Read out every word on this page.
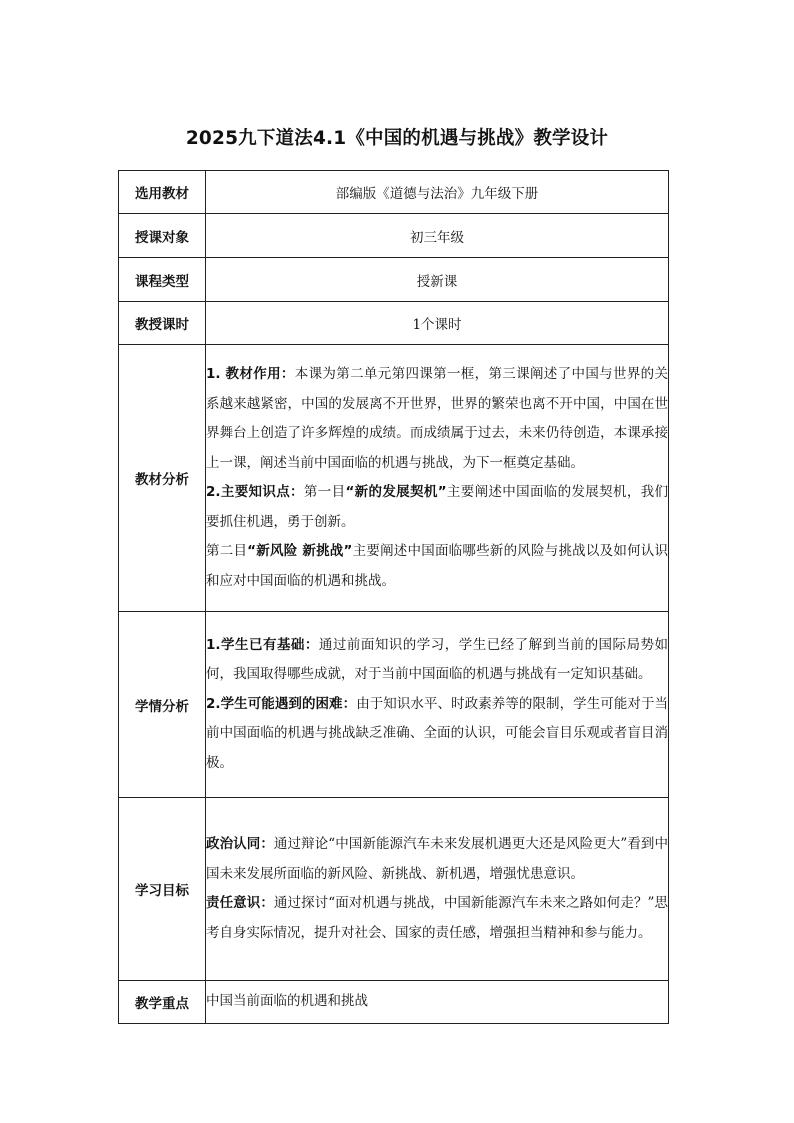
2025九下道法4.1《中国的机遇与挑战》教学设计
选用教材	部编版《道德与法治》九年级下册
授课对象	初三年级
课程类型	授新课
教授课时	1个课时
教材分析	1. 教材作用：本课为第二单元第四课第一框，第三课阐述了中国与世界的关系越来越紧密，中国的发展离不开世界，世界的繁荣也离不开中国，中国在世界舞台上创造了许多辉煌的成绩。而成绩属于过去，未来仍待创造，本课承接上一课，阐述当前中国面临的机遇与挑战，为下一框奠定基础。

2.主要知识点：第一目“新的发展契机”主要阐述中国面临的发展契机，我们要抓住机遇，勇于创新。

第二目“新风险 新挑战”主要阐述中国面临哪些新的风险与挑战以及如何认识和应对中国面临的机遇和挑战。

学情分析	1.学生已有基础：通过前面知识的学习，学生已经了解到当前的国际局势如何，我国取得哪些成就，对于当前中国面临的机遇与挑战有一定知识基础。

2.学生可能遇到的困难：由于知识水平、时政素养等的限制，学生可能对于当前中国面临的机遇与挑战缺乏准确、全面的认识，可能会盲目乐观或者盲目消极。

学习目标	政治认同：通过辩论“中国新能源汽车未来发展机遇更大还是风险更大”看到中国未来发展所面临的新风险、新挑战、新机遇，增强忧患意识。

责任意识：通过探讨“面对机遇与挑战，中国新能源汽车未来之路如何走？”思考自身实际情况，提升对社会、国家的责任感，增强担当精神和参与能力。

教学重点	中国当前面临的机遇和挑战
